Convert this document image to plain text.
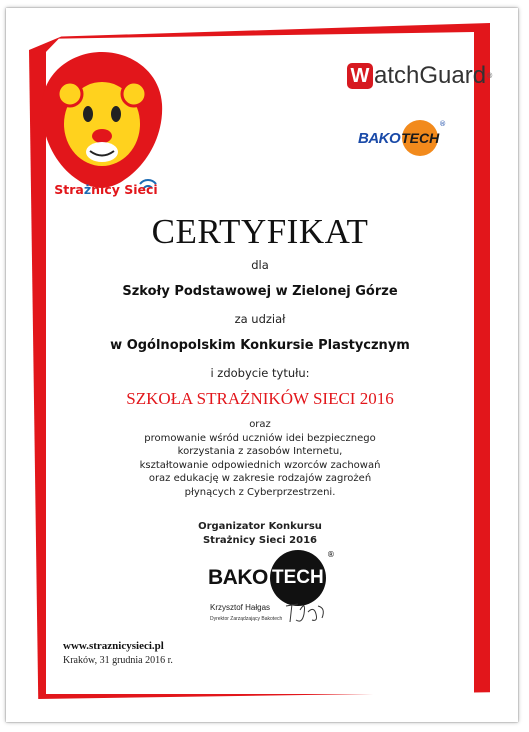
Strażnicy Sieci
W atchGuard ®
BAKO TECH
®
CERTYFIKAT
dla
Szkoły Podstawowej w Zielonej Górze
za udział
w Ogólnopolskim Konkursie Plastycznym
i zdobycie tytułu:
SZKOŁA STRAŻNIKÓW SIECI 2016
oraz
promowanie wśród uczniów idei bezpiecznego
korzystania z zasobów Internetu,
kształtowanie odpowiednich wzorców zachowań
oraz edukację w zakresie rodzajów zagrożeń
płynących z Cyberprzestrzeni.
Organizator Konkursu
Strażnicy Sieci 2016
BAKO TECH
®
Krzysztof Hałgas
Dyrektor Zarządzający Bakotech
www.straznicysieci.pl
Kraków, 31 grudnia 2016 r.
